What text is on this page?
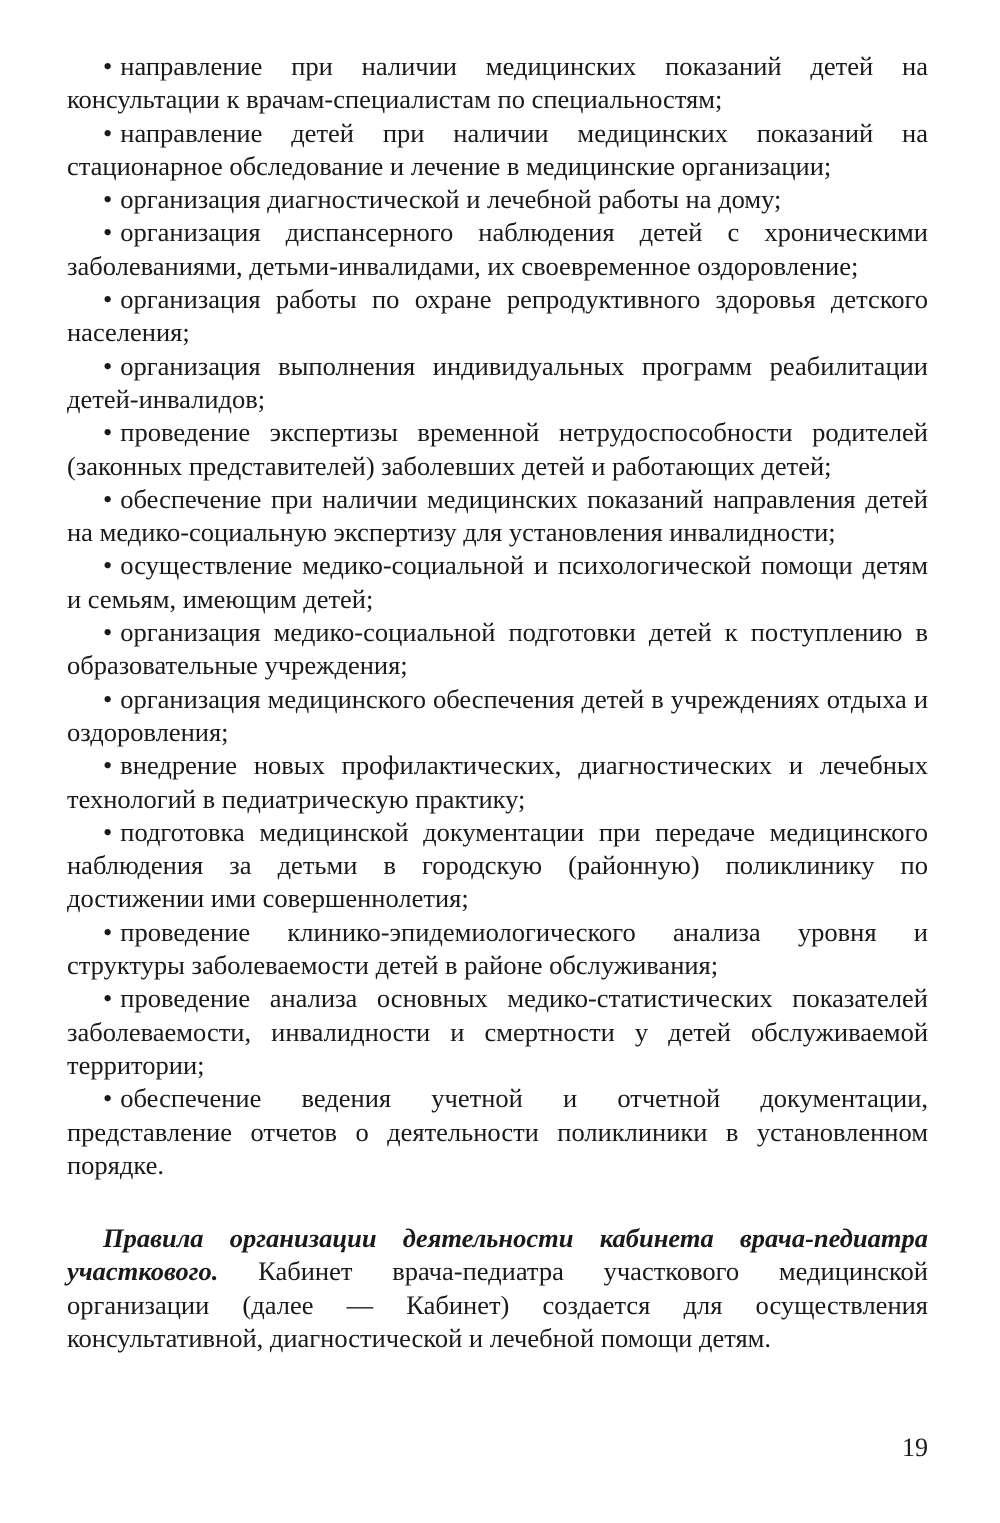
• направление при наличии медицинских показаний детей на консультации к врачам-специалистам по специальностям;

• направление детей при наличии медицинских показаний на стационарное обследование и лечение в медицинские организации;

• организация диагностической и лечебной работы на дому;

• организация диспансерного наблюдения детей с хроническими заболеваниями, детьми-инвалидами, их своевременное оздоровление;

• организация работы по охране репродуктивного здоровья детского населения;

• организация выполнения индивидуальных программ реабилитации детей-инвалидов;

• проведение экспертизы временной нетрудоспособности родителей (законных представителей) заболевших детей и работающих детей;

• обеспечение при наличии медицинских показаний направления детей на медико-социальную экспертизу для установления инвалидности;

• осуществление медико-социальной и психологической помощи детям и семьям, имеющим детей;

• организация медико-социальной подготовки детей к поступлению в образовательные учреждения;

• организация медицинского обеспечения детей в учреждениях отдыха и оздоровления;

• внедрение новых профилактических, диагностических и лечебных технологий в педиатрическую практику;

• подготовка медицинской документации при передаче медицинского наблюдения за детьми в городскую (районную) поликлинику по достижении ими совершеннолетия;

• проведение клинико-эпидемиологического анализа уровня и структуры заболеваемости детей в районе обслуживания;

• проведение анализа основных медико-статистических показателей заболеваемости, инвалидности и смертности у детей обслуживаемой территории;

• обеспечение ведения учетной и отчетной документации, представление отчетов о деятельности поликлиники в установленном порядке.

Правила организации деятельности кабинета врача-педиатра участкового. Кабинет врача-педиатра участкового медицинской организации (далее — Кабинет) создается для осуществления консультативной, диагностической и лечебной помощи детям.

19
